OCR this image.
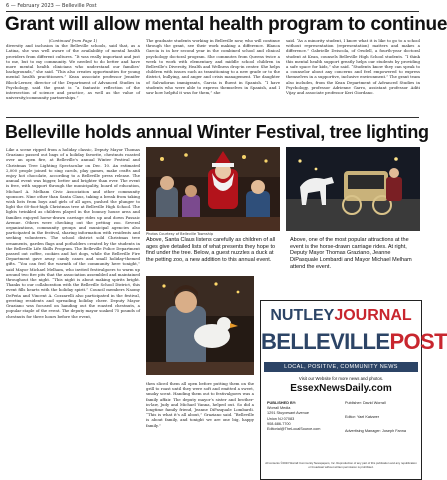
6 — February 2023 — Belleville Post
Grant will allow mental health program to continue

(Continued from Page 1)

diversity and inclusion in the Belleville schools, said that, as a Latina, she was well aware of the availability of mental health providers from different cultures. “It was really important and just to me, but to my community. We needed to do better and have more mental health clinicians who understand our families’ backgrounds,” she said. “This also creates opportunities for young mental health practitioners.” Kean associate professor Jennifer Block-Lerner, director of the Department of Advanced Studies in Psychology, said the grant is “a fantastic reflection of the intersection of science and practice, as well as the value of university/community partnerships.”

The graduate students working in Belleville now, who will continue through the grant, see their work making a difference. Blanca Garcia is in her second year in the combined school and clinical psychology doctoral program. She commutes from Queens twice a week to work with elementary and middle school children in Belleville’s Diversity, Health and Wellness drop-in center. She helps children with issues such as transitioning to a new grade or to the district, bullying, and anger and crisis management. The daughter of Salvadoran immigrants, Garcia is fluent in Spanish. “I have students who were able to express themselves in Spanish, and I saw how helpful it was for them,” she
said. “As a minority student, I know what it is like to go to a school without representation (representation) matters and makes a difference.” Gabrielle Deiscola, of Orsdell, a fourth-year doctoral student at Kean, counsels Belleville High School students. “I think this mental health support greatly helps our students by providing a safe space for kids,” she said. “Students know they can speak to a counselor about any concerns and feel empowered to express themselves in a supportive, inclusive environment.” The grant team also includes, from the Kean Department of Advanced Studies in Psychology, professor Adrienne Garro, assistant professor Aditi Vijay and associate professor Keri Giordano.
Belleville holds annual Winter Festival, tree lighting
Like a scene ripped from a holiday classic, Deputy Mayor Thomas Graziano passed out bags of a holiday favorite, chestnuts roasted over an open fire, at Belleville’s annual Winter Festival and Christmas Tree Lighting Spectacular on Dec. 10. An estimated 2,000 people joined to sing carols, play games, make crafts and enjoy hot chocolate, according to a Belleville press release. The annual event was bigger, better and brighter than ever. The event is free, with support through the municipality, board of education, Michael A. Melham Civic Association and other community sponsors. Nine other than Santa Claus, taking a break from taking wish lists from boys and girls of all ages, pushed the plunger to light the 60-foot-high Christmas tree at Belleville High School. The lights twinkled as children played in the bouncy house area and families enjoyed horse-drawn carriage rides up and down Passaic Avenue. Others were checking out the petting zoo. Several organizations, community groups and municipal agencies also participated in the festival, sharing information with residents and seeking volunteers. The school district sold Christmas tree ornaments, garden flags and potholders created by the students in the Belleville Life Skills Program. The Belleville Police Department passed out coffee, cookies and hot dogs, while the Belleville Fire Department gave away candy canes and small holiday-themed gifts. “You can feel the warmth of the community here tonight,” said Mayor Michael Melham, who invited festivalgoers to warm up around two fire pits that the association assembled and maintained throughout the night. “This night is about making spirits bright. Thanks to our collaboration with the Belleville School District, this event fills hearts with the holiday spirit.” Council members Naomy DePeña and Vincent A. Cozzarelli also participated in the festival, greeting residents and spreading holiday cheer. Deputy Mayor Graziano was focused on handing out the roasted chestnuts, a popular staple of the event. The deputy mayor soaked 75 pounds of chestnuts for three hours before the event,
Photos Courtesy of Belleville Township
Above, Santa Claus listens carefully as children of all ages give detailed lists of what presents they hope to find under the tree. Below, a guest nuzzles a duck at the petting zoo, a new addition to this annual event.
Above, one of the most popular attractions at the event is the horse-drawn carriage rides. At right, Deputy Mayor Thomas Graziano, Jeanne DiPasquale Lombardi and Mayor Michael Melham attend the event.
then sliced them all open before putting them on the grill to roast until they were soft and emitted a sweet, smoky scent. Handing them out to festivalgoers was a family affair. The deputy mayor’s sister and brother-in-law, Judy and Michael Vanna, helped out. So did a longtime family friend, Jeanne DiPasquale Lombardi. “This is what it’s all about,” Graziano said. “Belleville is about family, and tonight we are one big, happy family.”
NUTLEYJOURNAL
BELLEVILLEPOST
LOCAL, POSITIVE, COMMUNITY NEWS
Visit our Website for more news and photos.
EssexNewsDaily.com
PUBLISHED BY:
Worrall Media
1291 Stuyvesant Avenue
Union NJ 07083
908-686-7700
Editorial@TheLocalSource.com
Publisher: David Worrall
Editor: Yael Katzwer
Advertising Manager: Joseph Fanna
All contents ©2023 Worrall Community Newspapers, Inc. Reproduction of any part of this publication and any republication or broadcast without written permission is prohibited.
